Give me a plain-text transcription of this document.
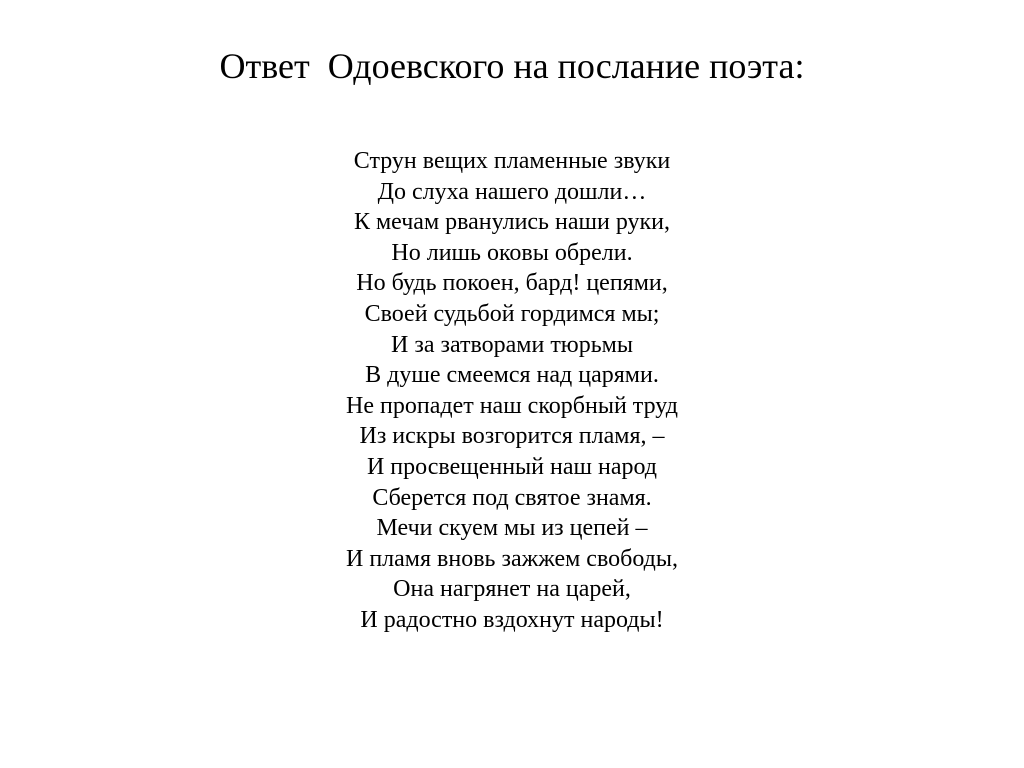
Ответ  Одоевского на послание поэта:
Струн вещих пламенные звуки
До слуха нашего дошли…
К мечам рванулись наши руки,
Но лишь оковы обрели.
Но будь покоен, бард! цепями,
Своей судьбой гордимся мы;
И за затворами тюрьмы
В душе смеемся над царями.
Не пропадет наш скорбный труд
Из искры возгорится пламя, –
И просвещенный наш народ
Сберется под святое знамя.
Мечи скуем мы из цепей –
И пламя вновь зажжем свободы,
Она нагрянет на царей,
И радостно вздохнут народы!
